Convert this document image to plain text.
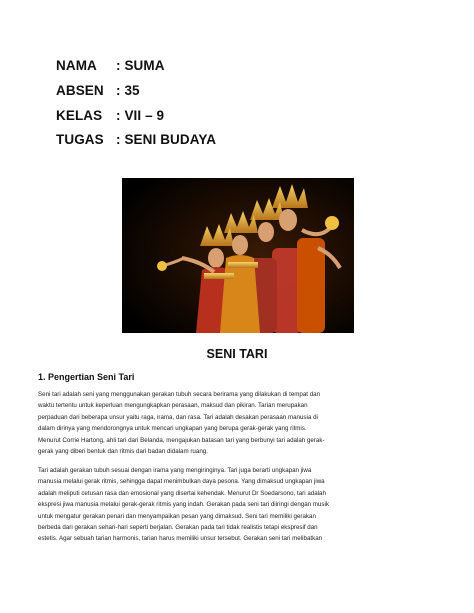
NAMA : SUMA
ABSEN : 35
KELAS : VII – 9
TUGAS : SENI BUDAYA
SENI TARI
1. Pengertian Seni Tari
Seni tari adalah seni yang menggunakan gerakan tubuh secara berirama yang dilakukan di tempat dan
waktu tertentu untuk keperluan mengungkapkan perasaan, maksud dan pikiran. Tarian merupakan
perpaduan dari beberapa unsur yaitu raga, irama, dan rasa. Tari adalah desakan perasaan manusia di
dalam dirinya yang mendorongnya untuk mencari ungkapan yang berupa gerak-gerak yang ritmis.
Menurut Corrie Hartong, ahli tari dari Belanda, mengajukan batasan tari yang berbunyi tari adalah gerak-
gerak yang diberi bentuk dan ritmis dari badan didalam ruang.
Tari adalah gerakan tubuh sesuai dengan irama yang mengiringinya. Tari juga berarti ungkapan jiwa
manusia melalui gerak ritmis, sehingga dapat menimbulkan daya pesona. Yang dimaksud ungkapan jiwa
adalah meliputi cetusan rasa dan emosional yang disertai kehendak. Menurut Dr Soedarsono, tari adalah
ekspresi jiwa manusia melalui gerak-gerak ritmis yang indah. Gerakan pada seni tari diiringi dengan musik
untuk mengatur gerakan penari dan menyampaikan pesan yang dimaksud. Seni tari memiliki gerakan
berbeda dari gerakan sehari-hari seperti berjalan. Gerakan pada tari tidak realistis tetapi ekspresif dan
estetis. Agar sebuah tarian harmonis, tarian harus memiliki unsur tersebut. Gerakan seni tari melibatkan
